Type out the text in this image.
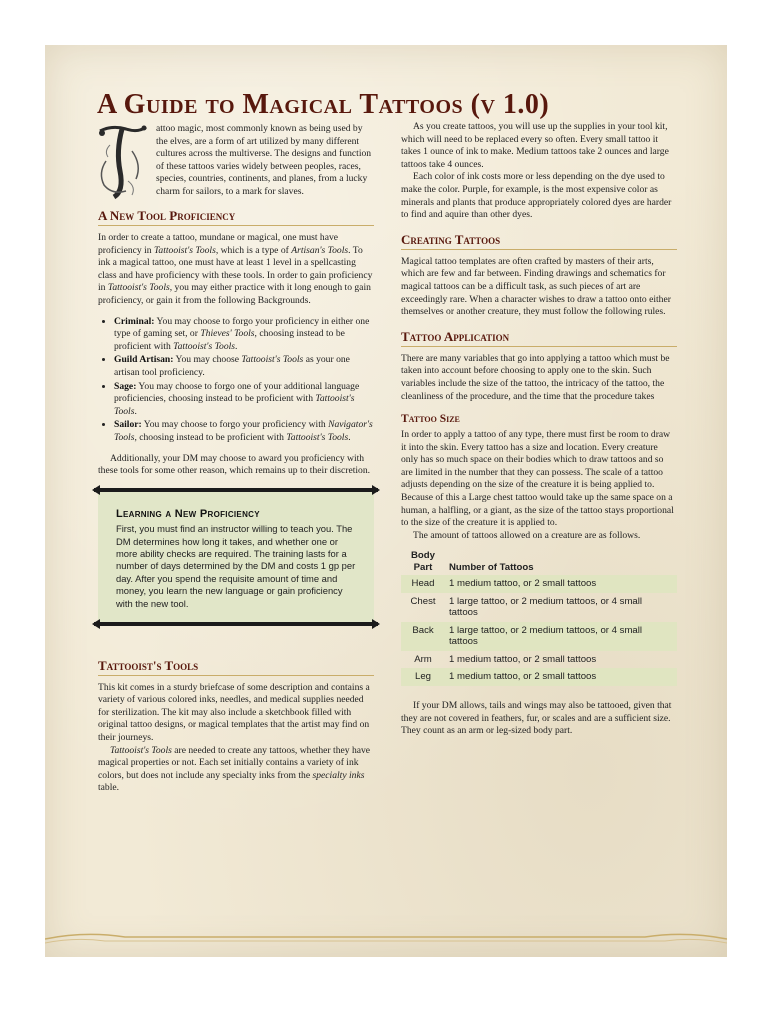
A Guide to Magical Tattoos (v 1.0)

attoo magic, most commonly known as being used by the elves, are a form of art utilized by many different cultures across the multiverse. The designs and function of these tattoos varies widely between peoples, races, species, countries, continents, and planes, from a lucky charm for sailors, to a mark for slaves.

A New Tool Proficiency

In order to create a tattoo, mundane or magical, one must have proficiency in Tattooist's Tools, which is a type of Artisan's Tools. To ink a magical tattoo, one must have at least 1 level in a spellcasting class and have proficiency with these tools. In order to gain proficiency in Tattooist's Tools, you may either practice with it long enough to gain proficiency, or gain it from the following Backgrounds.

• Criminal: You may choose to forgo your proficiency in either one type of gaming set, or Thieves' Tools, choosing instead to be proficient with Tattooist's Tools.
• Guild Artisan: You may choose Tattooist's Tools as your one artisan tool proficiency.
• Sage: You may choose to forgo one of your additional language proficiencies, choosing instead to be proficient with Tattooist's Tools.
• Sailor: You may choose to forgo your proficiency with Navigator's Tools, choosing instead to be proficient with Tattooist's Tools.

Additionally, your DM may choose to award you proficiency with these tools for some other reason, which remains up to their discretion.

Learning a New Proficiency

First, you must find an instructor willing to teach you. The DM determines how long it takes, and whether one or more ability checks are required. The training lasts for a number of days determined by the DM and costs 1 gp per day. After you spend the requisite amount of time and money, you learn the new language or gain proficiency with the new tool.

Tattooist's Tools

This kit comes in a sturdy briefcase of some description and contains a variety of various colored inks, needles, and medical supplies needed for sterilization. The kit may also include a sketchbook filled with original tattoo designs, or magical templates that the artist may find on their journeys.

Tattooist's Tools are needed to create any tattoos, whether they have magical properties or not. Each set initially contains a variety of ink colors, but does not include any specialty inks from the specialty inks table.

As you create tattoos, you will use up the supplies in your tool kit, which will need to be replaced every so often. Every small tattoo it takes 1 ounce of ink to make. Medium tattoos take 2 ounces and large tattoos take 4 ounces.

Each color of ink costs more or less depending on the dye used to make the color. Purple, for example, is the most expensive color as minerals and plants that produce appropriately colored dyes are harder to find and aquire than other dyes.

Creating Tattoos

Magical tattoo templates are often crafted by masters of their arts, which are few and far between. Finding drawings and schematics for magical tattoos can be a difficult task, as such pieces of art are exceedingly rare. When a character wishes to draw a tattoo onto either themselves or another creature, they must follow the following rules.

Tattoo Application

There are many variables that go into applying a tattoo which must be taken into account before choosing to apply one to the skin. Such variables include the size of the tattoo, the intricacy of the tattoo, the cleanliness of the procedure, and the time that the procedure takes

Tattoo Size

In order to apply a tattoo of any type, there must first be room to draw it into the skin. Every tattoo has a size and location. Every creature only has so much space on their bodies which to draw tattoos and so are limited in the number that they can possess. The scale of a tattoo adjusts depending on the size of the creature it is being applied to. Because of this a Large chest tattoo would take up the same space on a human, a halfling, or a giant, as the size of the tattoo stays proportional to the size of the creature it is applied to.

The amount of tattoos allowed on a creature are as follows.

Body Part	Number of Tattoos
Head	1 medium tattoo, or 2 small tattoos
Chest	1 large tattoo, or 2 medium tattoos, or 4 small tattoos
Back	1 large tattoo, or 2 medium tattoos, or 4 small tattoos
Arm	1 medium tattoo, or 2 small tattoos
Leg	1 medium tattoo, or 2 small tattoos

If your DM allows, tails and wings may also be tattooed, given that they are not covered in feathers, fur, or scales and are a sufficient size. They count as an arm or leg-sized body part.
